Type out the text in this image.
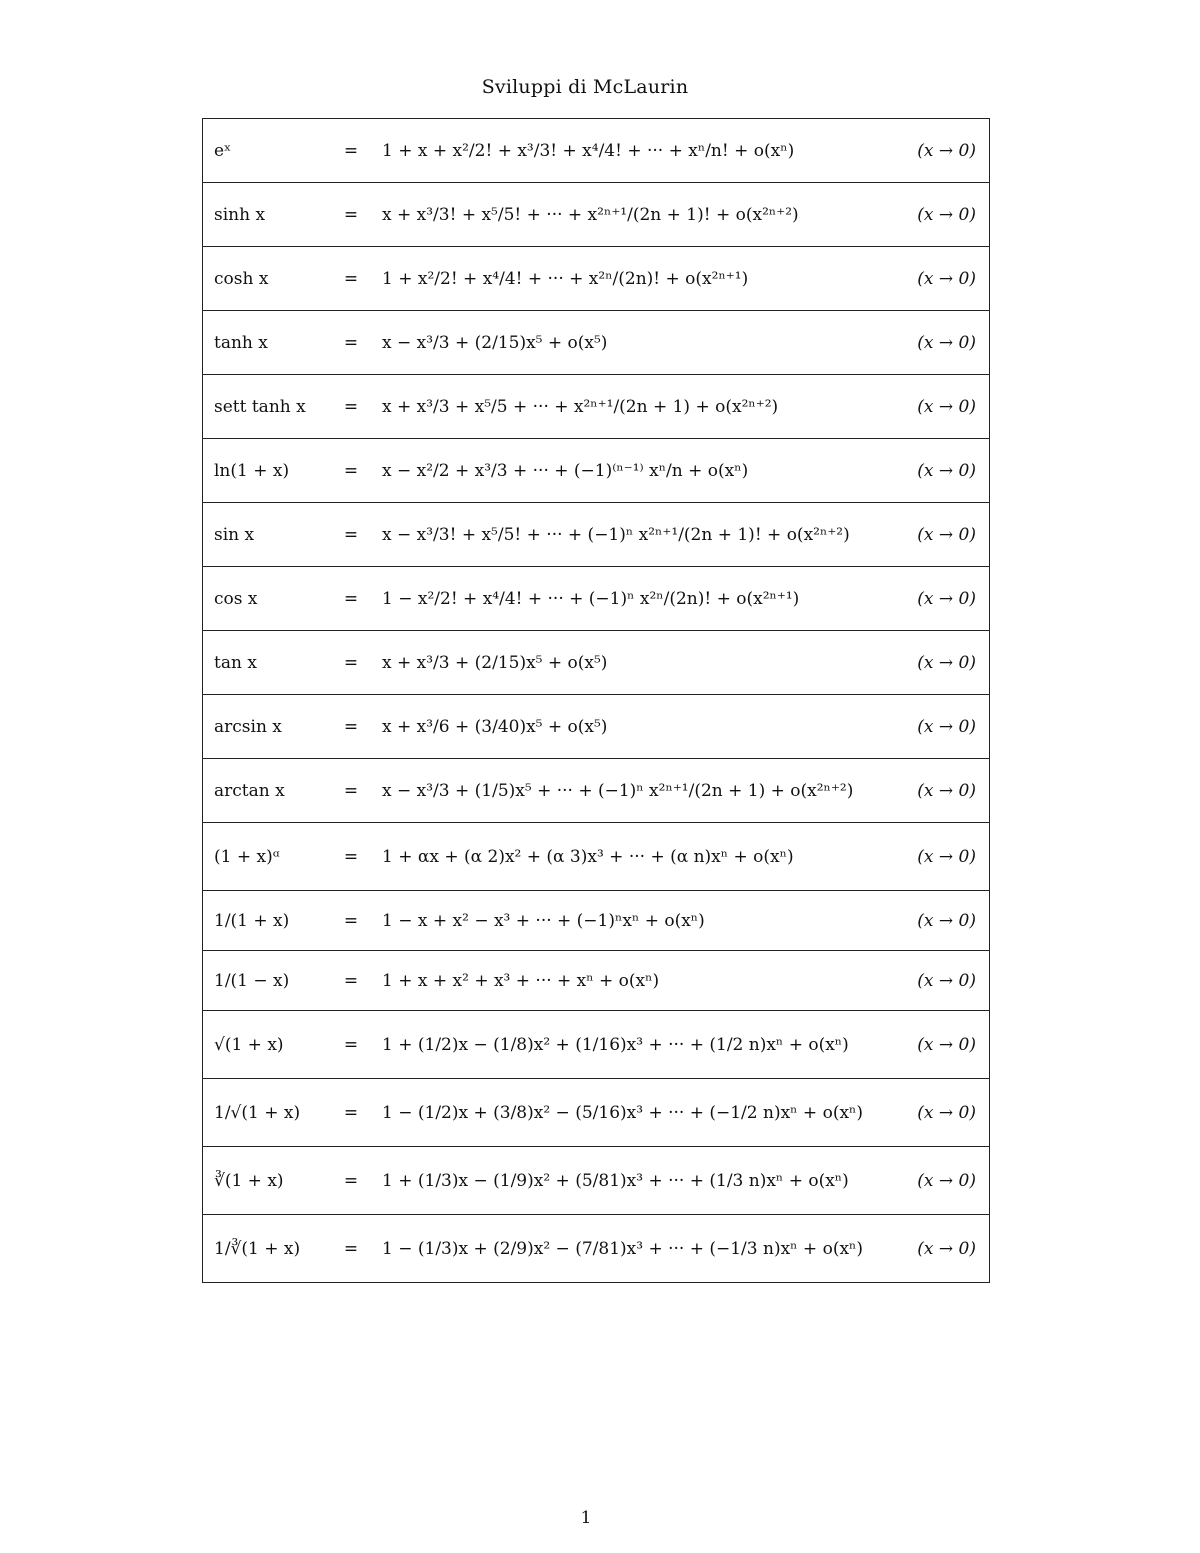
Sviluppi di McLaurin
eˣ	=	1 + x + x²/2! + x³/3! + x⁴/4! + ··· + xⁿ/n! + o(xⁿ)	(x → 0)
sinh x	=	x + x³/3! + x⁵/5! + ··· + x²ⁿ⁺¹/(2n + 1)! + o(x²ⁿ⁺²)	(x → 0)
cosh x	=	1 + x²/2! + x⁴/4! + ··· + x²ⁿ/(2n)! + o(x²ⁿ⁺¹)	(x → 0)
tanh x	=	x − x³/3 + (2/15)x⁵ + o(x⁵)	(x → 0)
sett tanh x	=	x + x³/3 + x⁵/5 + ··· + x²ⁿ⁺¹/(2n + 1) + o(x²ⁿ⁺²)	(x → 0)
ln(1 + x)	=	x − x²/2 + x³/3 + ··· + (−1)⁽ⁿ⁻¹⁾ xⁿ/n + o(xⁿ)	(x → 0)
sin x	=	x − x³/3! + x⁵/5! + ··· + (−1)ⁿ x²ⁿ⁺¹/(2n + 1)! + o(x²ⁿ⁺²)	(x → 0)
cos x	=	1 − x²/2! + x⁴/4! + ··· + (−1)ⁿ x²ⁿ/(2n)! + o(x²ⁿ⁺¹)	(x → 0)
tan x	=	x + x³/3 + (2/15)x⁵ + o(x⁵)	(x → 0)
arcsin x	=	x + x³/6 + (3/40)x⁵ + o(x⁵)	(x → 0)
arctan x	=	x − x³/3 + (1/5)x⁵ + ··· + (−1)ⁿ x²ⁿ⁺¹/(2n + 1) + o(x²ⁿ⁺²)	(x → 0)
(1 + x)ᵅ	=	1 + αx + (α 2)x² + (α 3)x³ + ··· + (α n)xⁿ + o(xⁿ)	(x → 0)
1/(1 + x)	=	1 − x + x² − x³ + ··· + (−1)ⁿxⁿ + o(xⁿ)	(x → 0)
1/(1 − x)	=	1 + x + x² + x³ + ··· + xⁿ + o(xⁿ)	(x → 0)
√(1 + x)	=	1 + (1/2)x − (1/8)x² + (1/16)x³ + ··· + (1/2 n)xⁿ + o(xⁿ)	(x → 0)
1/√(1 + x)	=	1 − (1/2)x + (3/8)x² − (5/16)x³ + ··· + (−1/2 n)xⁿ + o(xⁿ)	(x → 0)
∛(1 + x)	=	1 + (1/3)x − (1/9)x² + (5/81)x³ + ··· + (1/3 n)xⁿ + o(xⁿ)	(x → 0)
1/∛(1 + x)	=	1 − (1/3)x + (2/9)x² − (7/81)x³ + ··· + (−1/3 n)xⁿ + o(xⁿ)	(x → 0)
1
